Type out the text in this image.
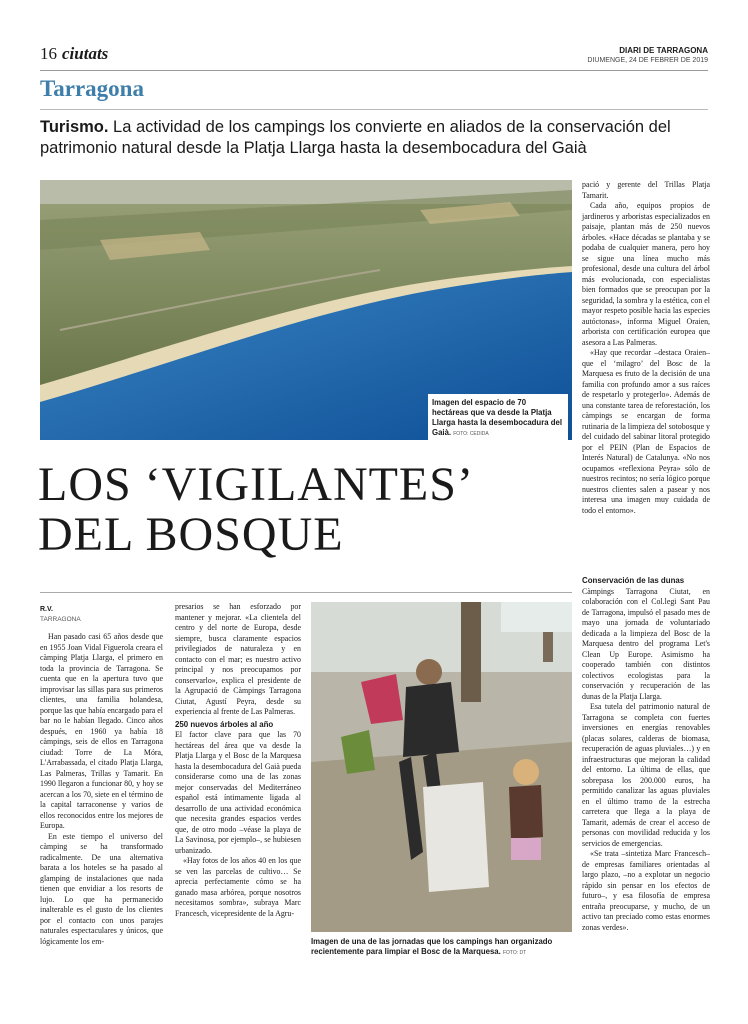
16 ciutats	DIARI DE TARRAGONA
DIUMENGE, 24 DE FEBRER DE 2019
Tarragona
Turismo. La actividad de los campings los convierte en aliados de la conservación del patrimonio natural desde la Platja Llarga hasta la desembocadura del Gaià
Imagen del espacio de 70 hectáreas que va desde la Platja Llarga hasta la desembocadura del Gaià. FOTO: CEDIDA
LOS ‘VIGILANTES’
DEL BOSQUE
R.V.
TARRAGONA

Han pasado casi 65 años desde que en 1955 Joan Vidal Figuerola creara el càmping Platja Llarga, el primero en toda la provincia de Tarragona. Se cuenta que en la apertura tuvo que improvisar las sillas para sus primeros clientes, una familia holandesa, porque las que había encargado para el bar no le habían llegado. Cinco años después, en 1960 ya había 18 càmpings, seis de ellos en Tarragona ciudad: Torre de La Móra, L'Arrabassada, el citado Platja Llarga, Las Palmeras, Trillas y Tamarit. En 1990 llegaron a funcionar 80, y hoy se acercan a los 70, siete en el término de la capital tarraconense y varios de ellos reconocidos entre los mejores de Europa.

En este tiempo el universo del càmping se ha transformado radicalmente. De una alternativa barata a los hoteles se ha pasado al glamping de instalaciones que nada tienen que envidiar a los resorts de lujo. Lo que ha permanecido inalterable es el gusto de los clientes por el contacto con unos parajes naturales espectaculares y únicos, que lógicamente los em-

presarios se han esforzado por mantener y mejorar. «La clientela del centro y del norte de Europa, desde siempre, busca claramente espacios privilegiados de naturaleza y en contacto con el mar; es nuestro activo principal y nos preocupamos por conservarlo», explica el presidente de la Agrupació de Càmpings Tarragona Ciutat, Agustí Peyra, desde su experiencia al frente de Las Palmeras.

250 nuevos árboles al año

El factor clave para que las 70 hectáreas del área que va desde la Platja Llarga y el Bosc de la Marquesa hasta la desembocadura del Gaià pueda considerarse como una de las zonas mejor conservadas del Mediterráneo español está íntimamente ligada al desarrollo de una actividad económica que necesita grandes espacios verdes que, de otro modo –véase la playa de La Savinosa, por ejemplo–, se hubiesen urbanizado.

«Hay fotos de los años 40 en los que se ven las parcelas de cultivo… Se aprecia perfectamente cómo se ha ganado masa arbórea, porque nosotros necesitamos sombra», subraya Marc Francesch, vicepresidente de la Agru-

Imagen de una de las jornadas que los campings han organizado recientemente para limpiar el Bosc de la Marquesa. FOTO: DT

pació y gerente del Trillas Platja Tamarit.

Cada año, equipos propios de jardineros y arboristas especializados en paisaje, plantan más de 250 nuevos árboles. «Hace décadas se plantaba y se podaba de cualquier manera, pero hoy se sigue una línea mucho más profesional, desde una cultura del árbol más evolucionada, con especialistas bien formados que se preocupan por la seguridad, la sombra y la estética, con el mayor respeto posible hacia las especies autóctonas», informa Miguel Oraien, arborista con certificación europea que asesora a Las Palmeras.

«Hay que recordar –destaca Oraien– que el ‘milagro’ del Bosc de la Marquesa es fruto de la decisión de una familia con profundo amor a sus raíces de respetarlo y protegerlo». Además de una constante tarea de reforestación, los càmpings se encargan de forma rutinaria de la limpieza del sotobosque y del cuidado del sabinar litoral protegido por el PEIN (Plan de Espacios de Interés Natural) de Catalunya. «No nos ocupamos «reflexiona Peyra» sólo de nuestros recintos; no sería lógico porque nuestros clientes salen a pasear y nos interesa una imagen muy cuidada de todo el entorno».

Conservación de las dunas

Càmpings Tarragona Ciutat, en colaboración con el Col.legi Sant Pau de Tarragona, impulsó el pasado mes de mayo una jornada de voluntariado dedicada a la limpieza del Bosc de la Marquesa dentro del programa Let's Clean Up Europe. Asimismo ha cooperado también con distintos colectivos ecologistas para la conservación y recuperación de las dunas de la Platja Llarga.

Esa tutela del patrimonio natural de Tarragona se completa con fuertes inversiones en energías renovables (placas solares, calderas de biomasa, recuperación de aguas pluviales…) y en infraestructuras que mejoran la calidad del entorno. La última de ellas, que sobrepasa los 200.000 euros, ha permitido canalizar las aguas pluviales en el último tramo de la estrecha carretera que llega a la playa de Tamarit, además de crear el acceso de personas con movilidad reducida y los servicios de emergencias.

«Se trata –sintetiza Marc Francesch– de empresas familiares orientadas al largo plazo, –no a explotar un negocio rápido sin pensar en los efectos de futuro–, y esa filosofía de empresa entraña preocuparse, y mucho, de un activo tan preciado como estas enormes zonas verdes».
